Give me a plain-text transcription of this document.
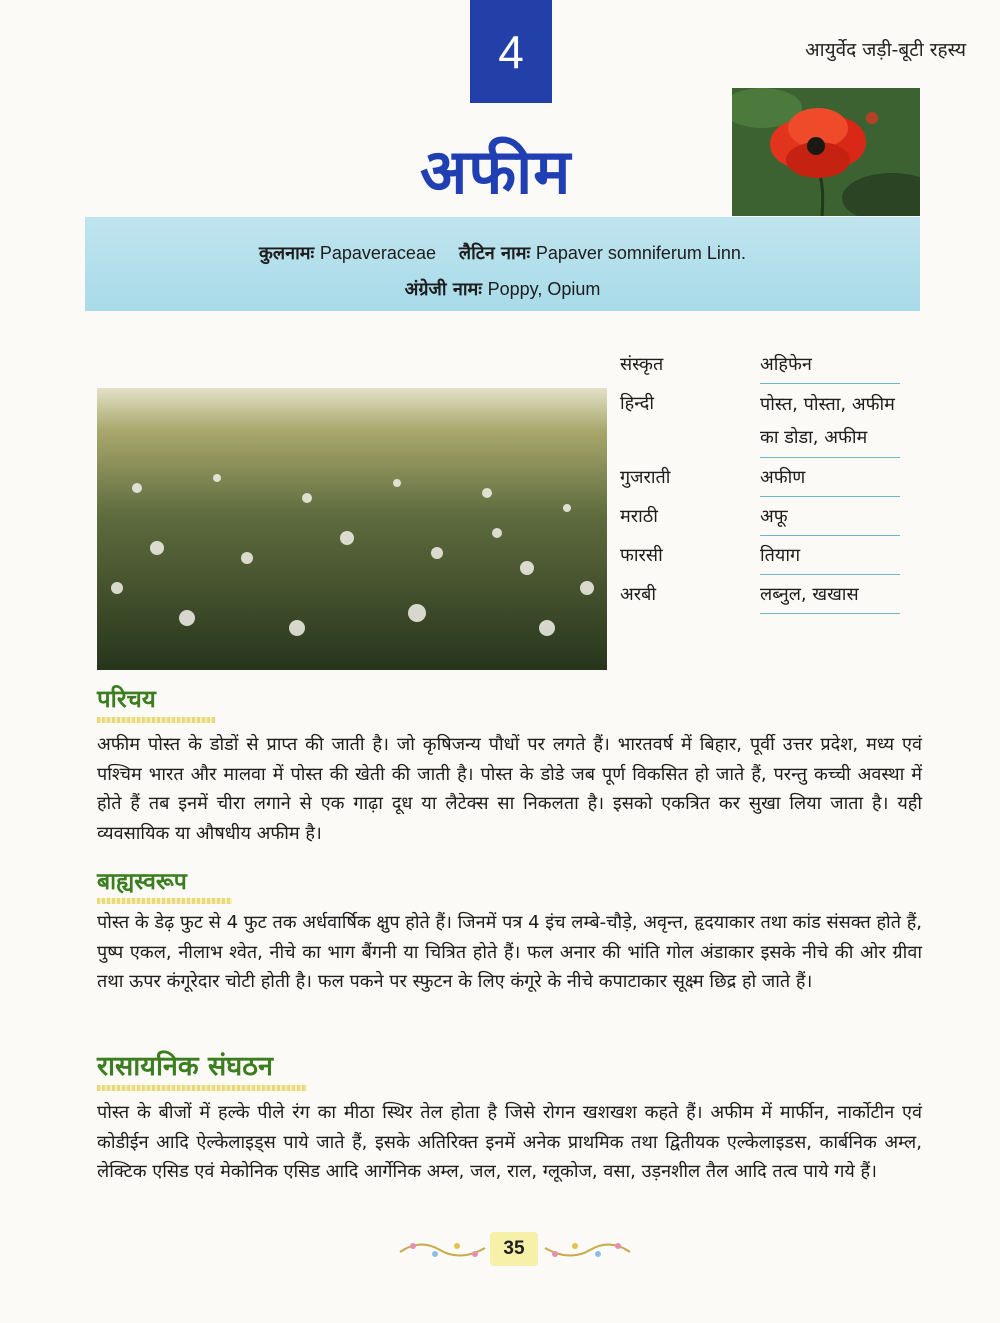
आयुर्वेद जड़ी-बूटी रहस्य
4
अफीम
कुलनामः Papaveraceae लैटिन नामः Papaver somniferum Linn.
अंग्रेजी नामः Poppy, Opium
संस्कृत	अहिफेन
हिन्दी	पोस्त, पोस्ता, अफीम का डोडा, अफीम
गुजराती	अफीण
मराठी	अफू
फारसी	तियाग
अरबी	लब्नुल, खखास
परिचय
अफीम पोस्त के डोडों से प्राप्त की जाती है। जो कृषिजन्य पौधों पर लगते हैं। भारतवर्ष में बिहार, पूर्वी उत्तर प्रदेश, मध्य एवं पश्चिम भारत और मालवा में पोस्त की खेती की जाती है। पोस्त के डोडे जब पूर्ण विकसित हो जाते हैं, परन्तु कच्ची अवस्था में होते हैं तब इनमें चीरा लगाने से एक गाढ़ा दूध या लैटेक्स सा निकलता है। इसको एकत्रित कर सुखा लिया जाता है। यही व्यवसायिक या औषधीय अफीम है।
बाह्यस्वरूप
पोस्त के डेढ़ फुट से 4 फुट तक अर्धवार्षिक क्षुप होते हैं। जिनमें पत्र 4 इंच लम्बे-चौड़े, अवृन्त, हृदयाकार तथा कांड संसक्त होते हैं, पुष्प एकल, नीलाभ श्वेत, नीचे का भाग बैंगनी या चित्रित होते हैं। फल अनार की भांति गोल अंडाकार इसके नीचे की ओर ग्रीवा तथा ऊपर कंगूरेदार चोटी होती है। फल पकने पर स्फुटन के लिए कंगूरे के नीचे कपाटाकार सूक्ष्म छिद्र हो जाते हैं।
रासायनिक संघठन
पोस्त के बीजों में हल्के पीले रंग का मीठा स्थिर तेल होता है जिसे रोगन खशखश कहते हैं। अफीम में मार्फीन, नार्कोटीन एवं कोडीईन आदि ऐल्केलाइड्स पाये जाते हैं, इसके अतिरिक्त इनमें अनेक प्राथमिक तथा द्वितीयक एल्केलाइडस, कार्बनिक अम्ल, लेक्टिक एसिड एवं मेकोनिक एसिड आदि आर्गेनिक अम्ल, जल, राल, ग्लूकोज, वसा, उड़नशील तैल आदि तत्व पाये गये हैं।
35
